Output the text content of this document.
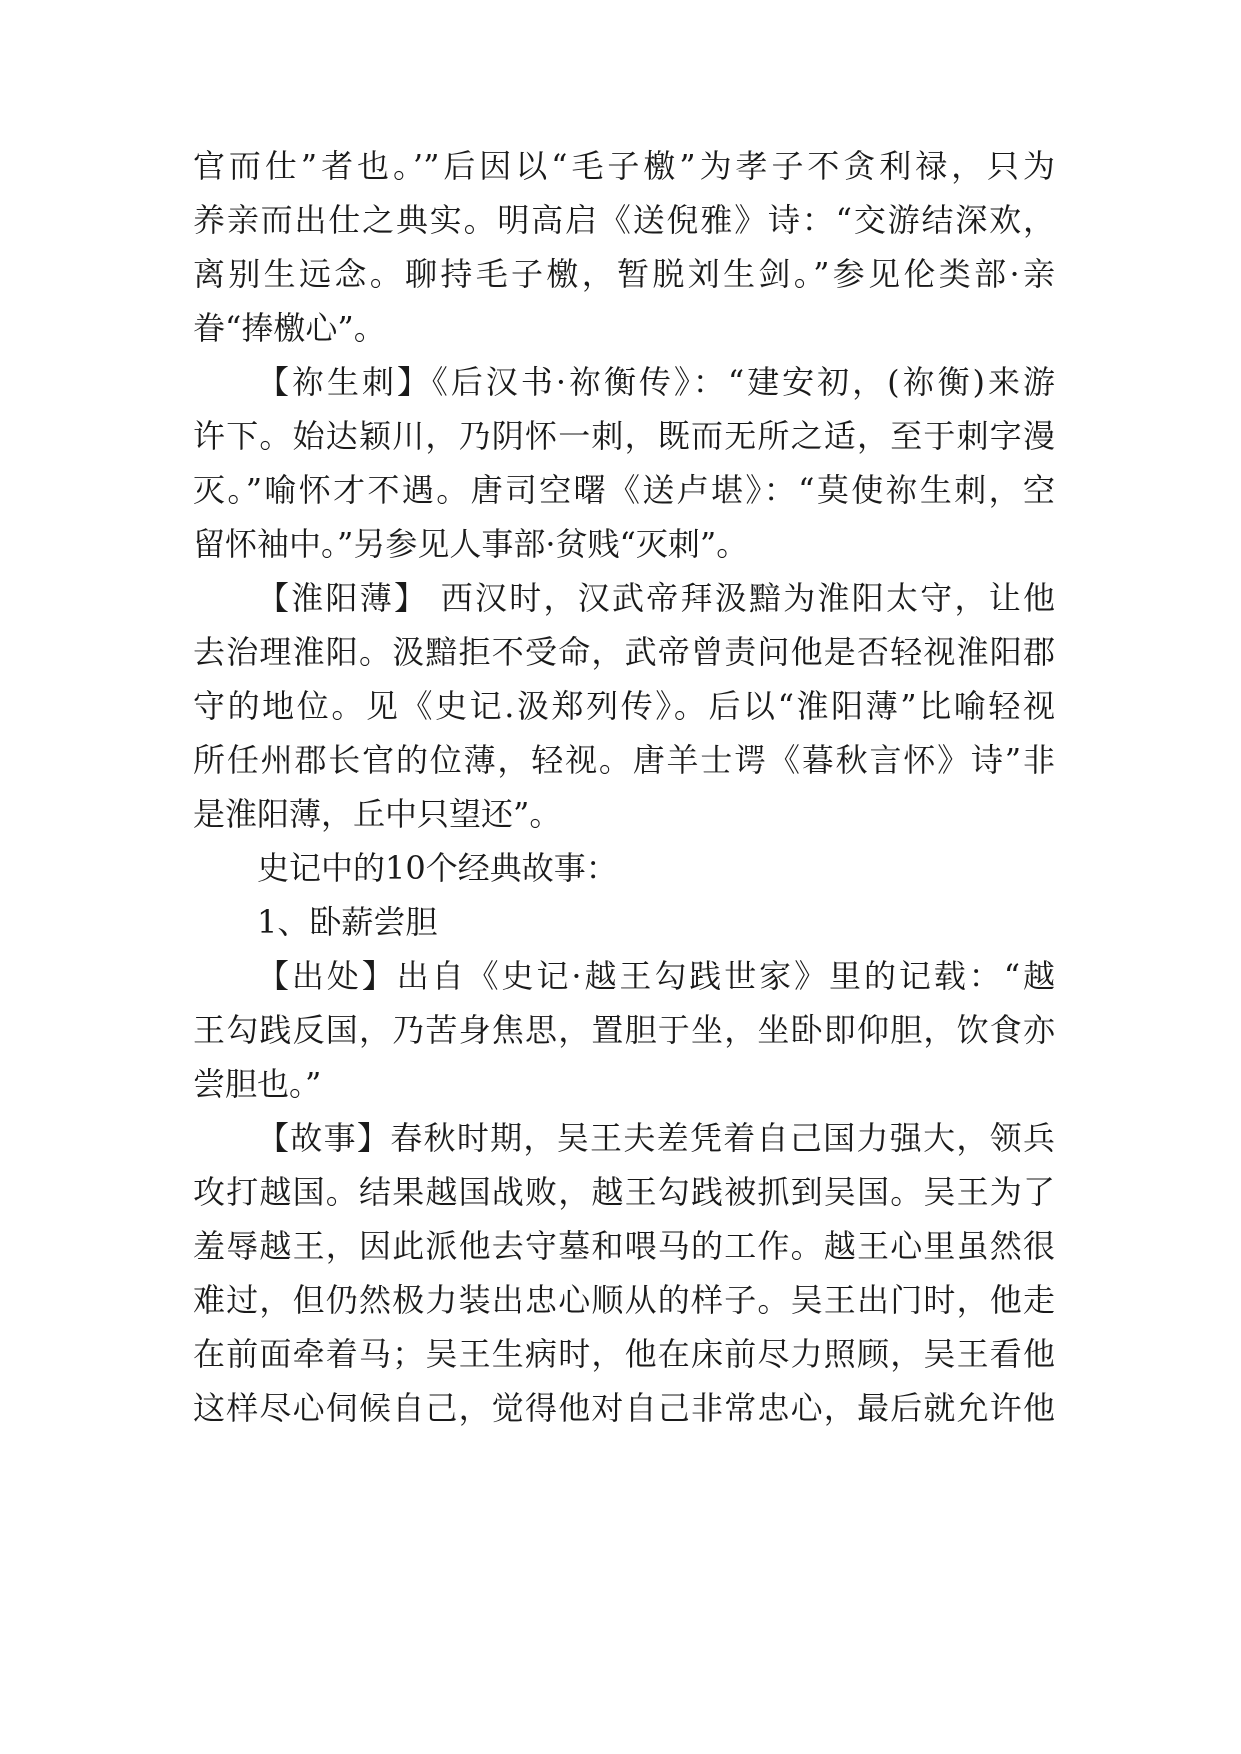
官而仕”者也。’”后因以“毛子檄”为孝子不贪利禄，只为
养亲而出仕之典实。明高启《送倪雅》诗：“交游结深欢，
离别生远念。聊持毛子檄，暂脱刘生剑。”参见伦类部·亲
眷“捧檄心”。
【祢生刺】《后汉书·祢衡传》：“建安初，(祢衡)来游
许下。始达颖川，乃阴怀一刺，既而无所之适，至于刺字漫
灭。”喻怀才不遇。唐司空曙《送卢堪》：“莫使祢生刺，空
留怀袖中。”另参见人事部·贫贱“灭刺”。
【淮阳薄】 西汉时，汉武帝拜汲黯为淮阳太守，让他
去治理淮阳。汲黯拒不受命，武帝曾责问他是否轻视淮阳郡
守的地位。见《史记.汲郑列传》。后以“淮阳薄”比喻轻视
所任州郡长官的位薄，轻视。唐羊士谔《暮秋言怀》诗”非
是淮阳薄，丘中只望还”。
史记中的10个经典故事：
1、卧薪尝胆
【出处】出自《史记·越王勾践世家》里的记载：“越
王勾践反国，乃苦身焦思，置胆于坐，坐卧即仰胆，饮食亦
尝胆也。”
【故事】春秋时期，吴王夫差凭着自己国力强大，领兵
攻打越国。结果越国战败，越王勾践被抓到吴国。吴王为了
羞辱越王，因此派他去守墓和喂马的工作。越王心里虽然很
难过，但仍然极力装出忠心顺从的样子。吴王出门时，他走
在前面牵着马；吴王生病时，他在床前尽力照顾，吴王看他
这样尽心伺候自己，觉得他对自己非常忠心，最后就允许他
